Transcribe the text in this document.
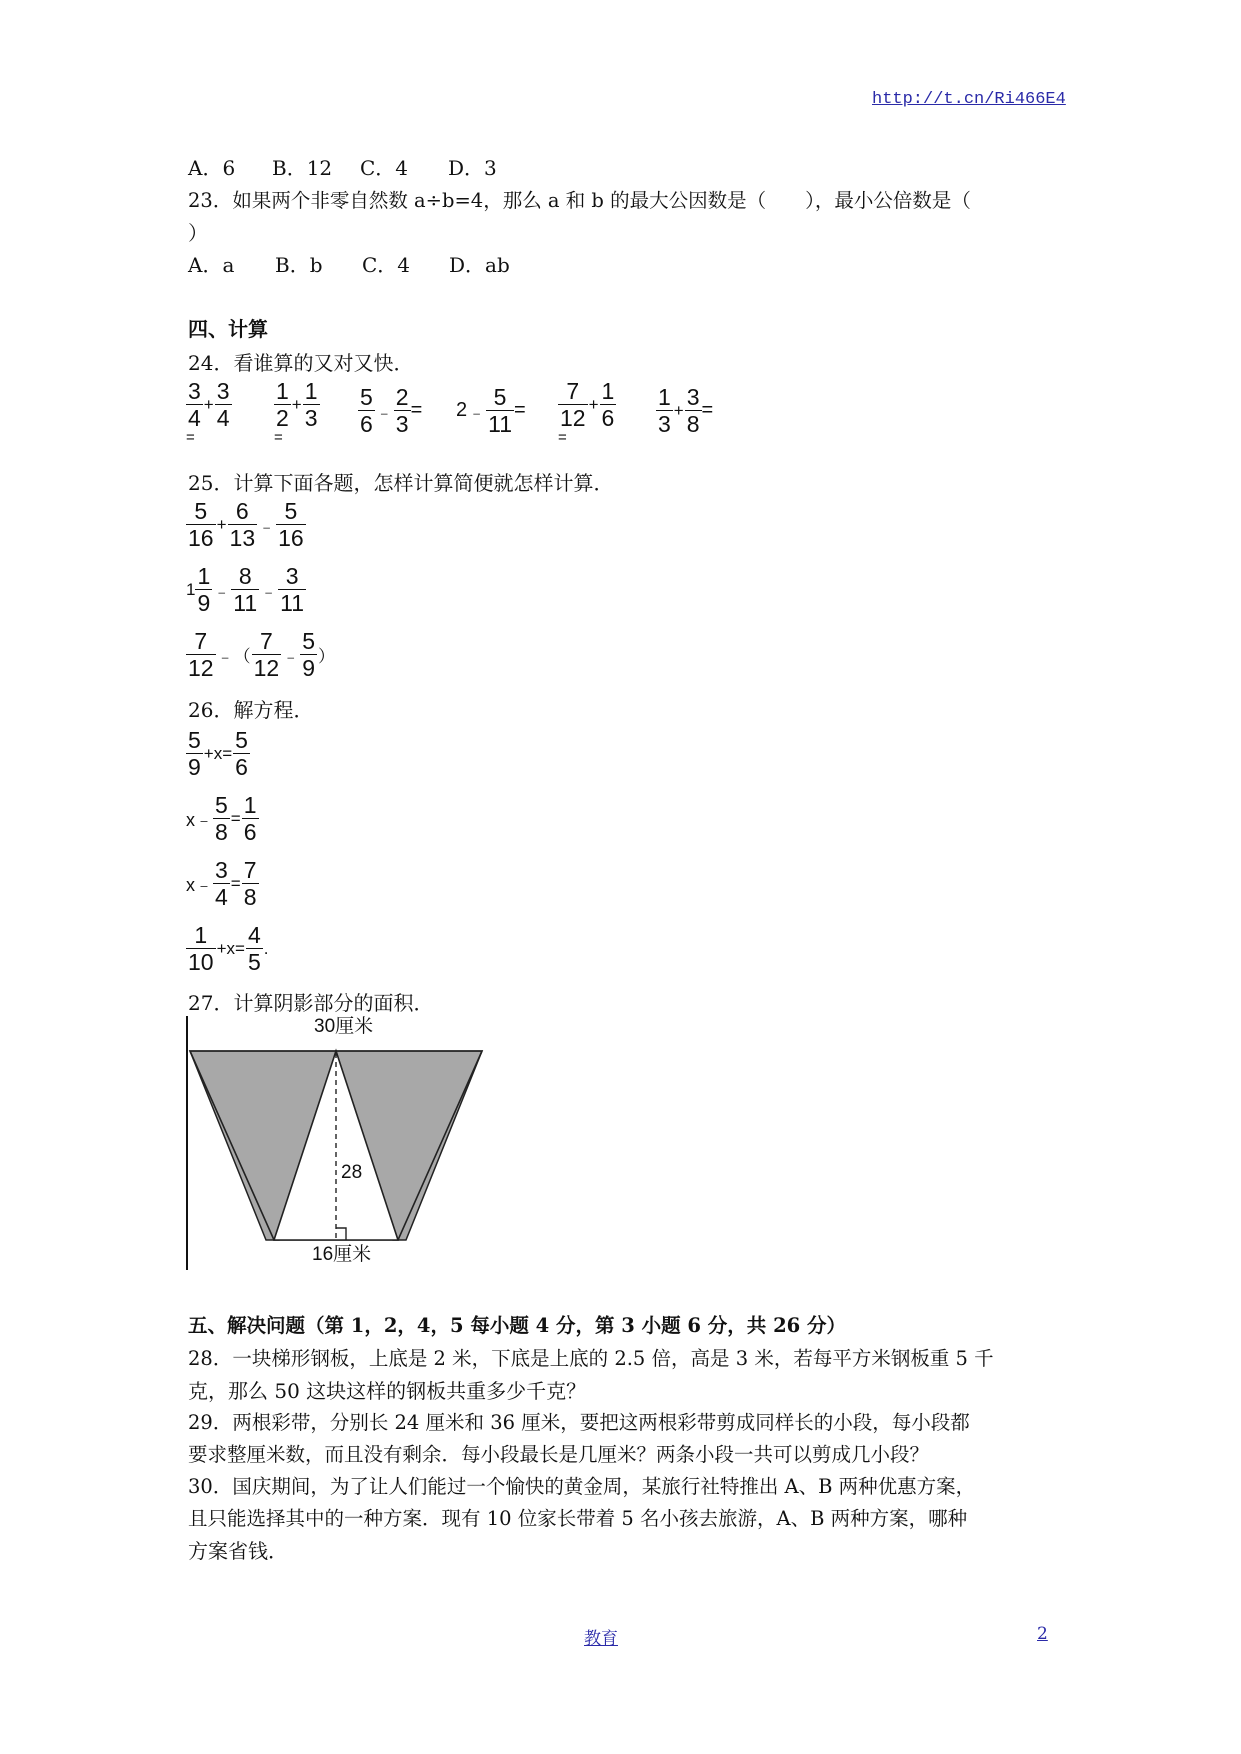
http://t.cn/Ri466E4
A．6 B．12 C．4 D．3
23．如果两个非零自然数 a÷b=4，那么 a 和 b 的最大公因数是（　　），最小公倍数是（
）
A．a B．b C．4 D．ab
四、计算
24．看谁算的又对又快．
$\frac{3}{4} + \frac{3}{4}$
=
$\frac{1}{2} + \frac{1}{3}$
=
$\frac{5}{6}$ ﹣ $\frac{2}{3} = 2$ ﹣ $\frac{5}{11} = \frac{7}{12} + \frac{1}{6}$
=
$\frac{1}{3} + \frac{3}{8}$ =
25．计算下面各题，怎样计算简便就怎样计算．
$\frac{5}{16} + \frac{6}{13}$ ﹣ $\frac{5}{16}$
$1 \frac{1}{9}$ ﹣ $\frac{8}{11}$ ﹣ $\frac{3}{11}$
$\frac{7}{12}$ ﹣（ $\frac{7}{12}$ ﹣ $\frac{5}{9}$ ）
26．解方程．
$\frac{5}{9} +x= \frac{5}{6}$
x﹣ $\frac{5}{8} = \frac{1}{6}$
x﹣ $\frac{3}{4} = \frac{7}{8}$
$\frac{1}{10} +x= \frac{4}{5}$ .
27．计算阴影部分的面积．
30厘米
28
16厘米
五、解决问题（第 1，2，4，5 每小题 4 分，第 3 小题 6 分，共 26 分）
28．一块梯形钢板，上底是 2 米，下底是上底的 2.5 倍，高是 3 米，若每平方米钢板重 5 千
克，那么 50 这块这样的钢板共重多少千克？
29．两根彩带，分别长 24 厘米和 36 厘米，要把这两根彩带剪成同样长的小段，每小段都
要求整厘米数，而且没有剩余．每小段最长是几厘米？两条小段一共可以剪成几小段？
30．国庆期间，为了让人们能过一个愉快的黄金周，某旅行社特推出 A、B 两种优惠方案，
且只能选择其中的一种方案．现有 10 位家长带着 5 名小孩去旅游，A、B 两种方案，哪种
方案省钱．
教育	2
